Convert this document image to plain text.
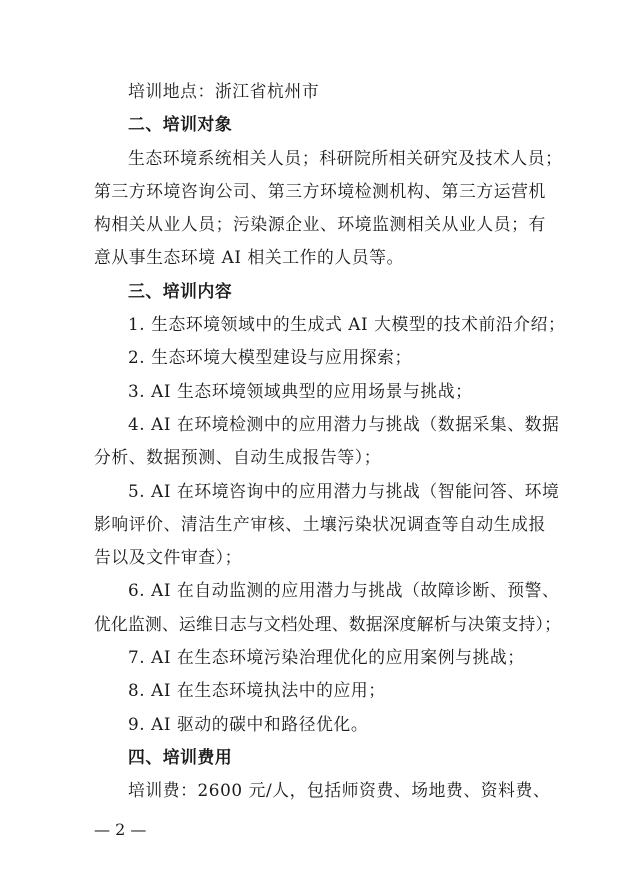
培训地点：浙江省杭州市
二、培训对象
生态环境系统相关人员；科研院所相关研究及技术人员；
第三方环境咨询公司、第三方环境检测机构、第三方运营机
构相关从业人员；污染源企业、环境监测相关从业人员；有
意从事生态环境 AI 相关工作的人员等。
三、培训内容
1. 生态环境领域中的生成式 AI 大模型的技术前沿介绍；
2. 生态环境大模型建设与应用探索；
3. AI 生态环境领域典型的应用场景与挑战；
4. AI 在环境检测中的应用潜力与挑战（数据采集、数据
分析、数据预测、自动生成报告等）；
5. AI 在环境咨询中的应用潜力与挑战（智能问答、环境
影响评价、清洁生产审核、土壤污染状况调查等自动生成报
告以及文件审查）；
6. AI 在自动监测的应用潜力与挑战（故障诊断、预警、
优化监测、运维日志与文档处理、数据深度解析与决策支持）；
7. AI 在生态环境污染治理优化的应用案例与挑战；
8. AI 在生态环境执法中的应用；
9. AI 驱动的碳中和路径优化。
四、培训费用
培训费：2600 元/人，包括师资费、场地费、资料费、
— 2 —
